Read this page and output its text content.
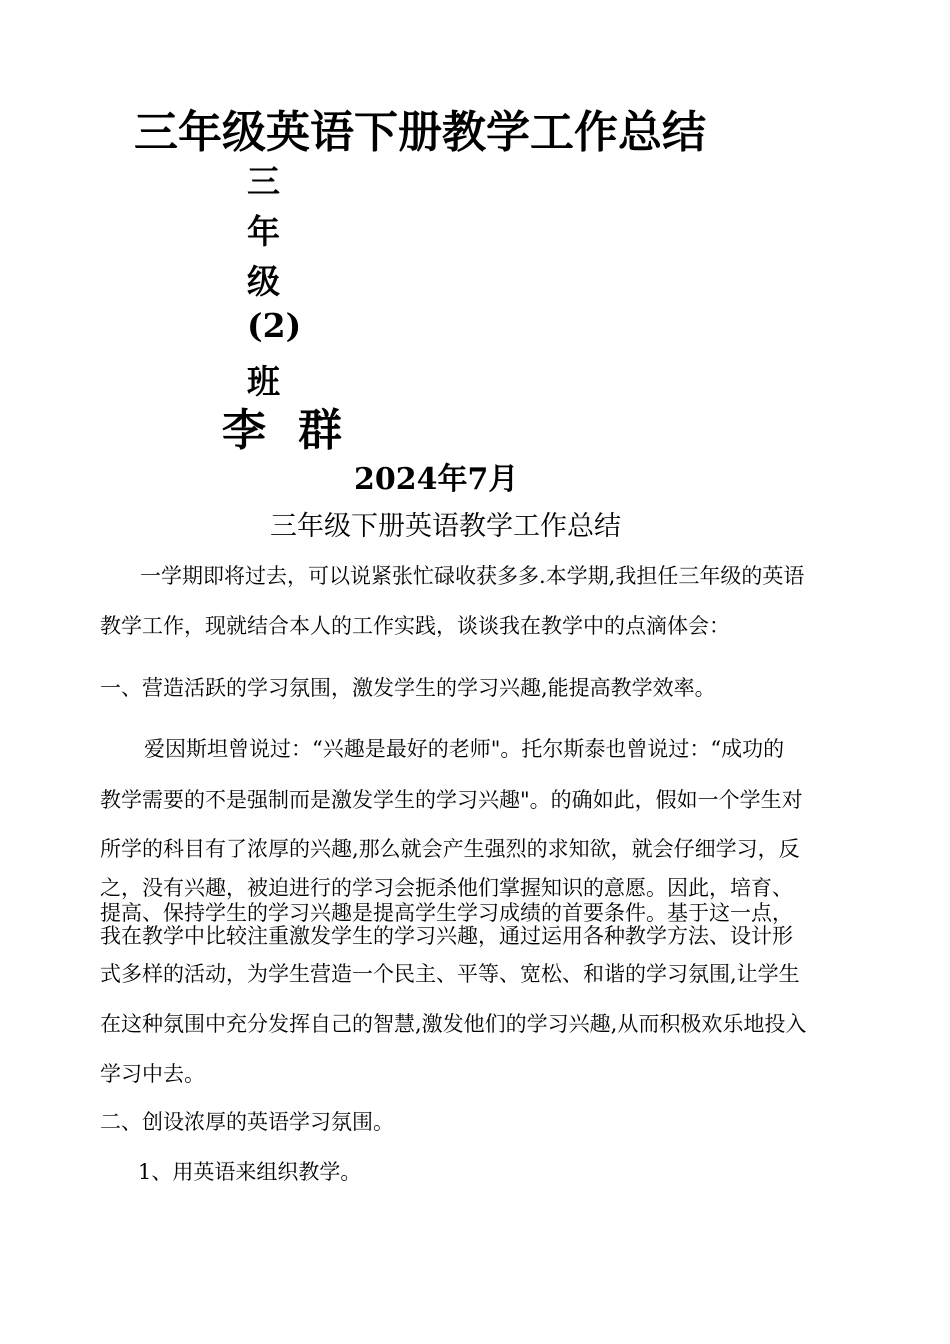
三年级英语下册教学工作总结
三
年
级
(2)
班
李 群
2024年7月
三年级下册英语教学工作总结
一学期即将过去，可以说紧张忙碌收获多多.本学期,我担任三年级的英语
教学工作，现就结合本人的工作实践，谈谈我在教学中的点滴体会：
一、营造活跃的学习氛围，激发学生的学习兴趣,能提高教学效率。
爱因斯坦曾说过：“兴趣是最好的老师"。托尔斯泰也曾说过：“成功的
教学需要的不是强制而是激发学生的学习兴趣"。的确如此，假如一个学生对
所学的科目有了浓厚的兴趣,那么就会产生强烈的求知欲，就会仔细学习，反
之，没有兴趣，被迫进行的学习会扼杀他们掌握知识的意愿。因此，培育、
提高、保持学生的学习兴趣是提高学生学习成绩的首要条件。基于这一点，
我在教学中比较注重激发学生的学习兴趣，通过运用各种教学方法、设计形
式多样的活动，为学生营造一个民主、平等、宽松、和谐的学习氛围,让学生
在这种氛围中充分发挥自己的智慧,激发他们的学习兴趣,从而积极欢乐地投入
学习中去。
二、创设浓厚的英语学习氛围。
1、用英语来组织教学。
